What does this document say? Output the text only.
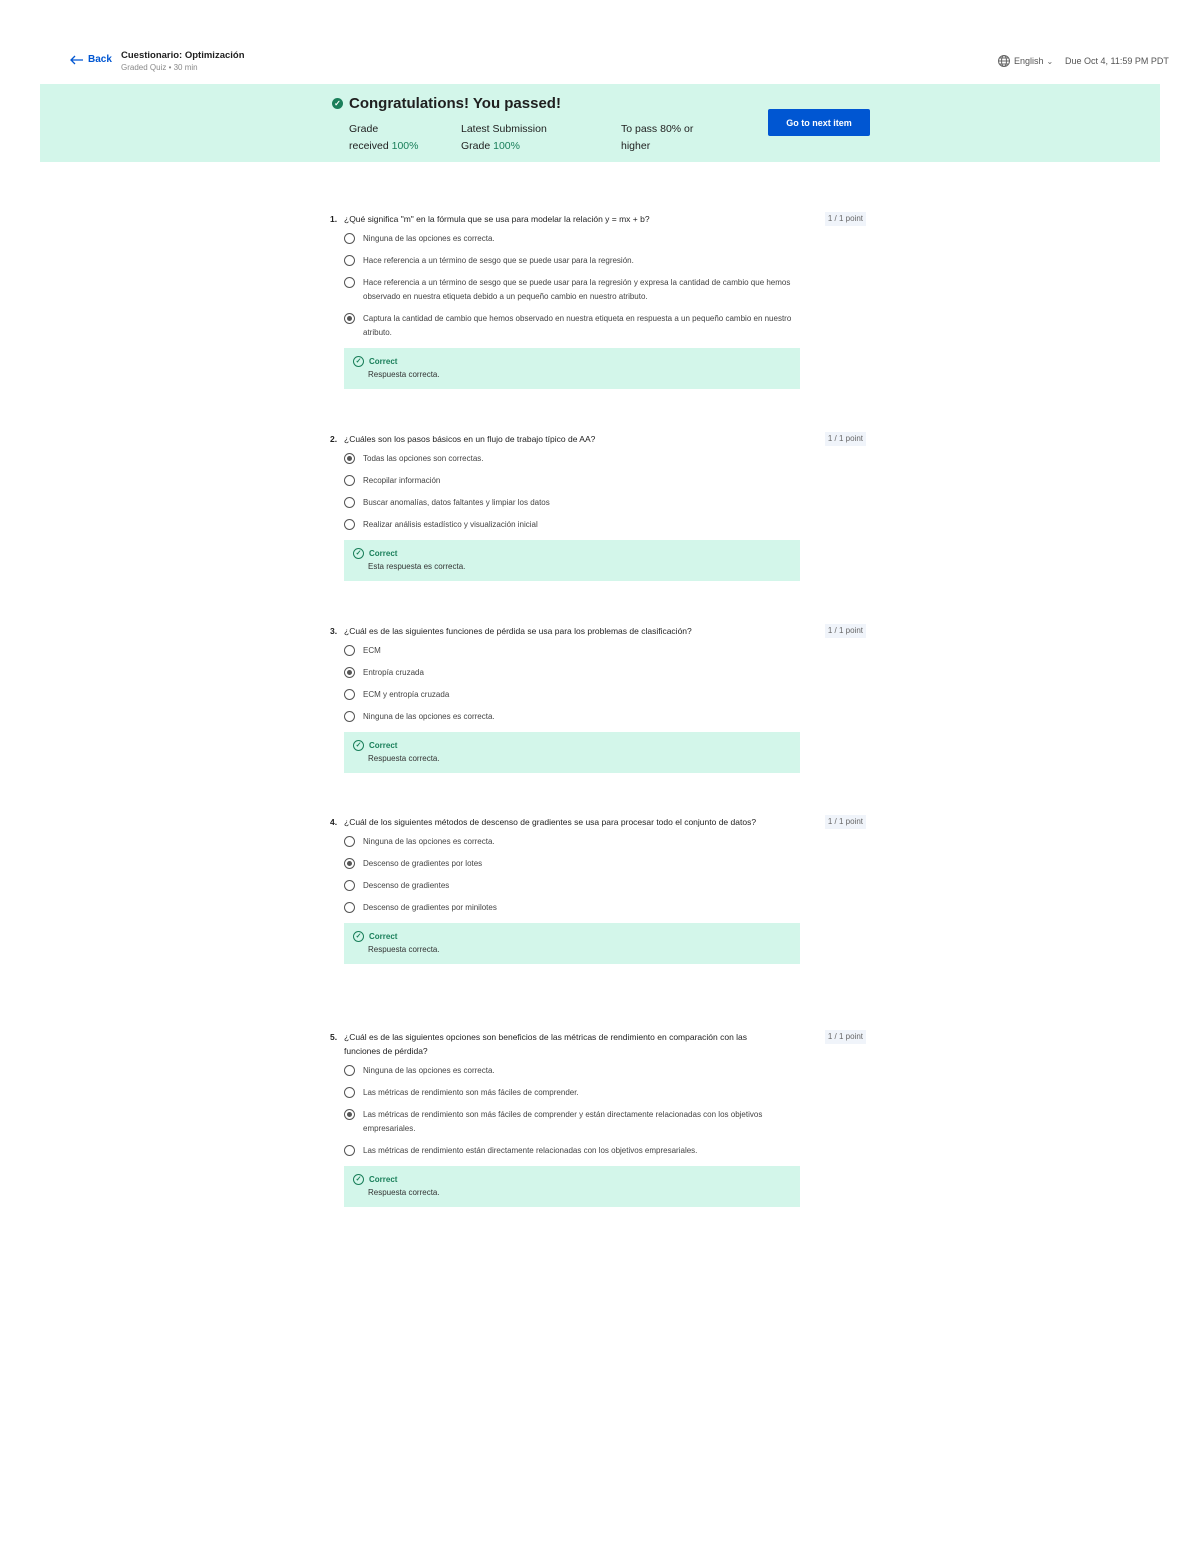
Back Cuestionario: Optimización
Graded Quiz • 30 min
English ⌄ Due Oct 4, 11:59 PM PDT
✓ Congratulations! You passed!
Grade
received 100%
Latest Submission
Grade 100%
To pass 80% or
higher
Go to next item
1. ¿Qué significa "m" en la fórmula que se usa para modelar la relación y = mx + b?	1 / 1 point
Ninguna de las opciones es correcta.
Hace referencia a un término de sesgo que se puede usar para la regresión.
Hace referencia a un término de sesgo que se puede usar para la regresión y expresa la cantidad de cambio que hemos observado en nuestra etiqueta debido a un pequeño cambio en nuestro atributo.
Captura la cantidad de cambio que hemos observado en nuestra etiqueta en respuesta a un pequeño cambio en nuestro atributo.
✓ Correct
Respuesta correcta.
2. ¿Cuáles son los pasos básicos en un flujo de trabajo típico de AA?	1 / 1 point
Todas las opciones son correctas.
Recopilar información
Buscar anomalías, datos faltantes y limpiar los datos
Realizar análisis estadístico y visualización inicial
✓ Correct
Esta respuesta es correcta.
3. ¿Cuál es de las siguientes funciones de pérdida se usa para los problemas de clasificación?	1 / 1 point
ECM
Entropía cruzada
ECM y entropía cruzada
Ninguna de las opciones es correcta.
✓ Correct
Respuesta correcta.
4. ¿Cuál de los siguientes métodos de descenso de gradientes se usa para procesar todo el conjunto de datos?	1 / 1 point
Ninguna de las opciones es correcta.
Descenso de gradientes por lotes
Descenso de gradientes
Descenso de gradientes por minilotes
✓ Correct
Respuesta correcta.
5. ¿Cuál es de las siguientes opciones son beneficios de las métricas de rendimiento en comparación con las funciones de pérdida?
1 / 1 point
Ninguna de las opciones es correcta.
Las métricas de rendimiento son más fáciles de comprender.
Las métricas de rendimiento son más fáciles de comprender y están directamente relacionadas con los objetivos empresariales.
Las métricas de rendimiento están directamente relacionadas con los objetivos empresariales.
✓ Correct
Respuesta correcta.
